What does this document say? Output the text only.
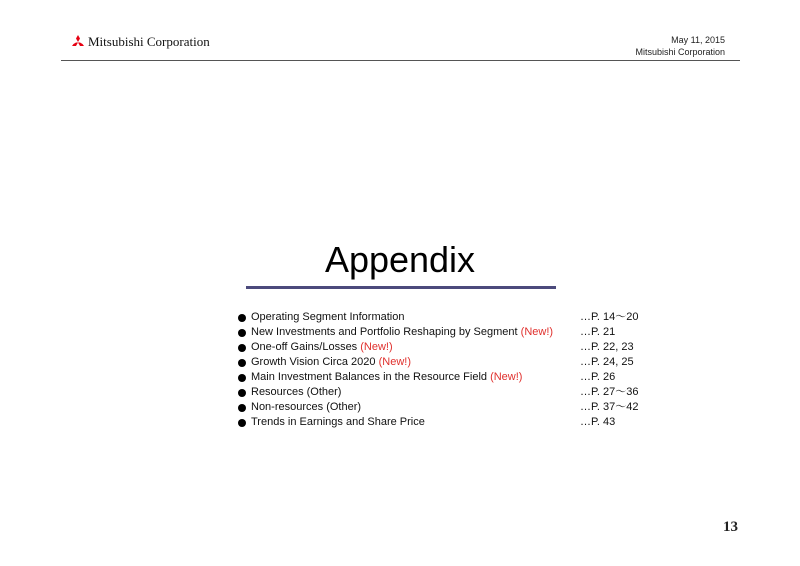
Mitsubishi Corporation	May 11, 2015
Mitsubishi Corporation
Appendix
Operating Segment Information	…P. 14～20
New Investments and Portfolio Reshaping by Segment (New!) …P. 21
One-off Gains/Losses (New!)	…P. 22, 23
Growth Vision Circa 2020 (New!)	…P. 24, 25
Main Investment Balances in the Resource Field (New!)	…P. 26
Resources (Other)	…P. 27～36
Non-resources (Other)	…P. 37～42
Trends in Earnings and Share Price	…P. 43
13
